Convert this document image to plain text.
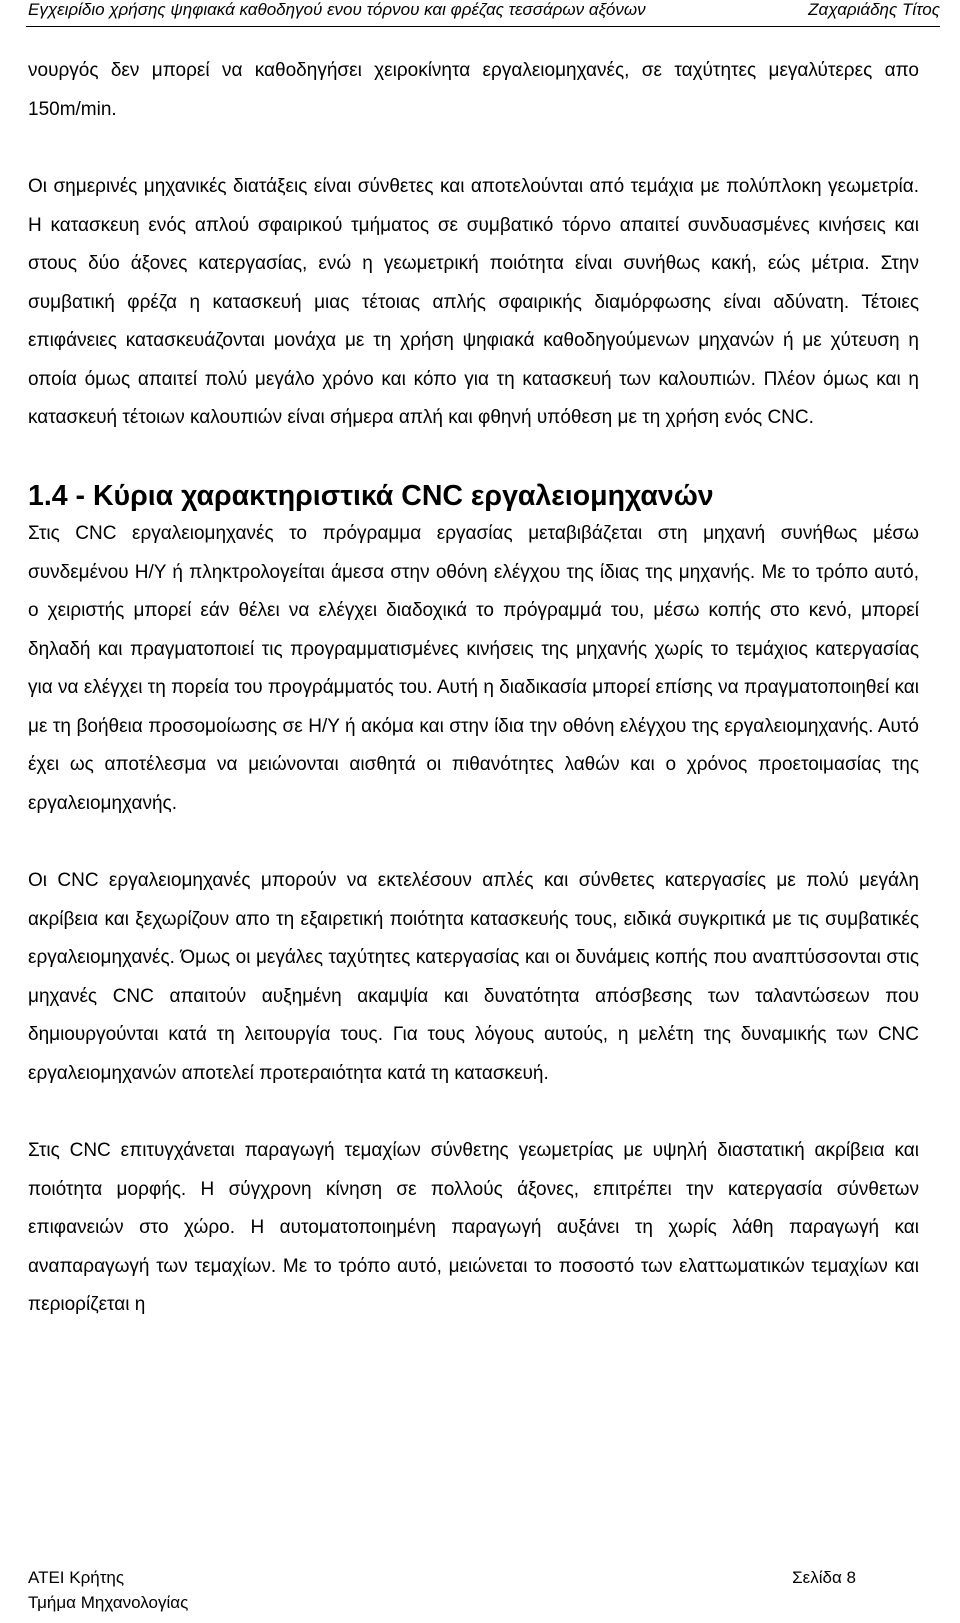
Εγχειρίδιο χρήσης ψηφιακά καθοδηγού ενου τόρνου και φρέζας τεσσάρων αξόνων	Ζαχαριάδης Τίτος

νουργός δεν μπορεί να καθοδηγήσει χειροκίνητα εργαλειομηχανές, σε ταχύτητες μεγαλύτερες απο 150m/min.

Οι σημερινές μηχανικές διατάξεις είναι σύνθετες και αποτελούνται από τεμάχια με πολύπλοκη γεωμετρία. Η κατασκευη ενός απλού σφαιρικού τμήματος σε συμβατικό τόρνο απαιτεί συνδυασμένες κινήσεις και στους δύο άξονες κατεργασίας, ενώ η γεωμετρική ποιότητα είναι συνήθως κακή, εώς μέτρια. Στην συμβατική φρέζα η κατασκευή μιας τέτοιας απλής σφαιρικής διαμόρφωσης είναι αδύνατη. Τέτοιες επιφάνειες κατασκευάζονται μονάχα με τη χρήση ψηφιακά καθοδηγούμενων μηχανών ή με χύτευση η οποία όμως απαιτεί πολύ μεγάλο χρόνο και κόπο για τη κατασκευή των καλουπιών. Πλέον όμως και η κατασκευή τέτοιων καλουπιών είναι σήμερα απλή και φθηνή υπόθεση με τη χρήση ενός CNC.

1.4 - Κύρια χαρακτηριστικά CNC εργαλειομηχανών

Στις CNC εργαλειομηχανές το πρόγραμμα εργασίας μεταβιβάζεται στη μηχανή συνήθως μέσω συνδεμένου Η/Υ ή πληκτρολογείται άμεσα στην οθόνη ελέγχου της ίδιας της μηχανής. Με το τρόπο αυτό, ο χειριστής μπορεί εάν θέλει να ελέγχει διαδοχικά το πρόγραμμά του, μέσω κοπής στο κενό, μπορεί δηλαδή και πραγματοποιεί τις προγραμματισμένες κινήσεις της μηχανής χωρίς το τεμάχιος κατεργασίας για να ελέγχει τη πορεία του προγράμματός του. Αυτή η διαδικασία μπορεί επίσης να πραγματοποιηθεί και με τη βοήθεια προσομοίωσης σε Η/Υ ή ακόμα και στην ίδια την οθόνη ελέγχου της εργαλειομηχανής. Αυτό έχει ως αποτέλεσμα να μειώνονται αισθητά οι πιθανότητες λαθών και ο χρόνος προετοιμασίας της εργαλειομηχανής.

Οι CNC εργαλειομηχανές μπορούν να εκτελέσουν απλές και σύνθετες κατεργασίες με πολύ μεγάλη ακρίβεια και ξεχωρίζουν απο τη εξαιρετική ποιότητα κατασκευής τους, ειδικά συγκριτικά με τις συμβατικές εργαλειομηχανές. Όμως οι μεγάλες ταχύτητες κατεργασίας και οι δυνάμεις κοπής που αναπτύσσονται στις μηχανές CNC απαιτούν αυξημένη ακαμψία και δυνατότητα απόσβεσης των ταλαντώσεων που δημιουργούνται κατά τη λειτουργία τους. Για τους λόγους αυτούς, η μελέτη της δυναμικής των CNC εργαλειομηχανών αποτελεί προτεραιότητα κατά τη κατασκευή.

Στις CNC επιτυγχάνεται παραγωγή τεμαχίων σύνθετης γεωμετρίας με υψηλή διαστατική ακρίβεια και ποιότητα μορφής. Η σύγχρονη κίνηση σε πολλούς άξονες, επιτρέπει την κατεργασία σύνθετων επιφανειών στο χώρο. Η αυτοματοποιημένη παραγωγή αυξάνει τη χωρίς λάθη παραγωγή και αναπαραγωγή των τεμαχίων. Με το τρόπο αυτό, μειώνεται το ποσοστό των ελαττωματικών τεμαχίων και περιορίζεται η

ΑΤΕΙ Κρήτης	Σελίδα 8
Τμήμα Μηχανολογίας
